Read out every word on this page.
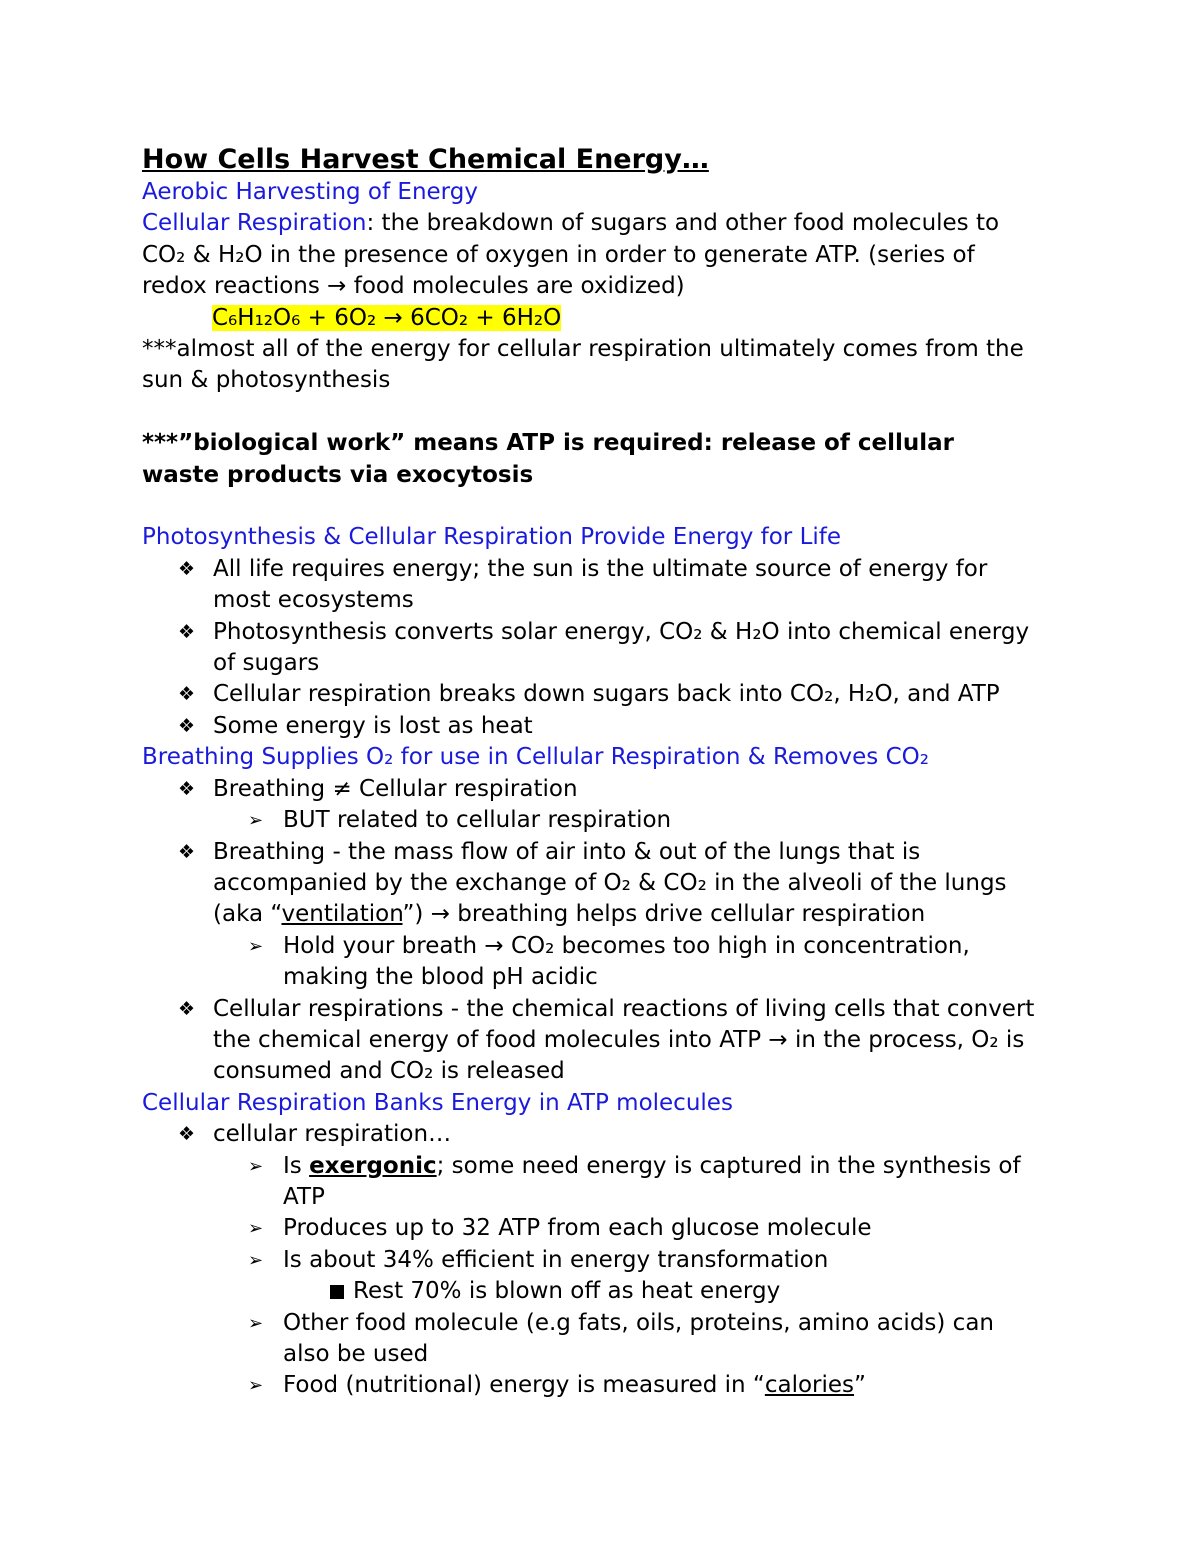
How Cells Harvest Chemical Energy…
Aerobic Harvesting of Energy
Cellular Respiration: the breakdown of sugars and other food molecules to
CO₂ & H₂O in the presence of oxygen in order to generate ATP. (series of
redox reactions → food molecules are oxidized)
C₆H₁₂O₆ + 6O₂ → 6CO₂ + 6H₂O
***almost all of the energy for cellular respiration ultimately comes from the
sun & photosynthesis
***”biological work” means ATP is required: release of cellular
waste products via exocytosis
Photosynthesis & Cellular Respiration Provide Energy for Life
❖ All life requires energy; the sun is the ultimate source of energy for
most ecosystems
❖ Photosynthesis converts solar energy, CO₂ & H₂O into chemical energy
of sugars
❖ Cellular respiration breaks down sugars back into CO₂, H₂O, and ATP
❖ Some energy is lost as heat
Breathing Supplies O₂ for use in Cellular Respiration & Removes CO₂
❖ Breathing ≠ Cellular respiration
➢ BUT related to cellular respiration
❖ Breathing - the mass flow of air into & out of the lungs that is
accompanied by the exchange of O₂ & CO₂ in the alveoli of the lungs
(aka “ventilation”) → breathing helps drive cellular respiration
➢ Hold your breath → CO₂ becomes too high in concentration,
making the blood pH acidic
❖ Cellular respirations - the chemical reactions of living cells that convert
the chemical energy of food molecules into ATP → in the process, O₂ is
consumed and CO₂ is released
Cellular Respiration Banks Energy in ATP molecules
❖ cellular respiration…
➢ Is exergonic; some need energy is captured in the synthesis of
ATP
➢ Produces up to 32 ATP from each glucose molecule
➢ Is about 34% efficient in energy transformation
Rest 70% is blown off as heat energy
➢ Other food molecule (e.g fats, oils, proteins, amino acids) can
also be used
➢ Food (nutritional) energy is measured in “calories”
